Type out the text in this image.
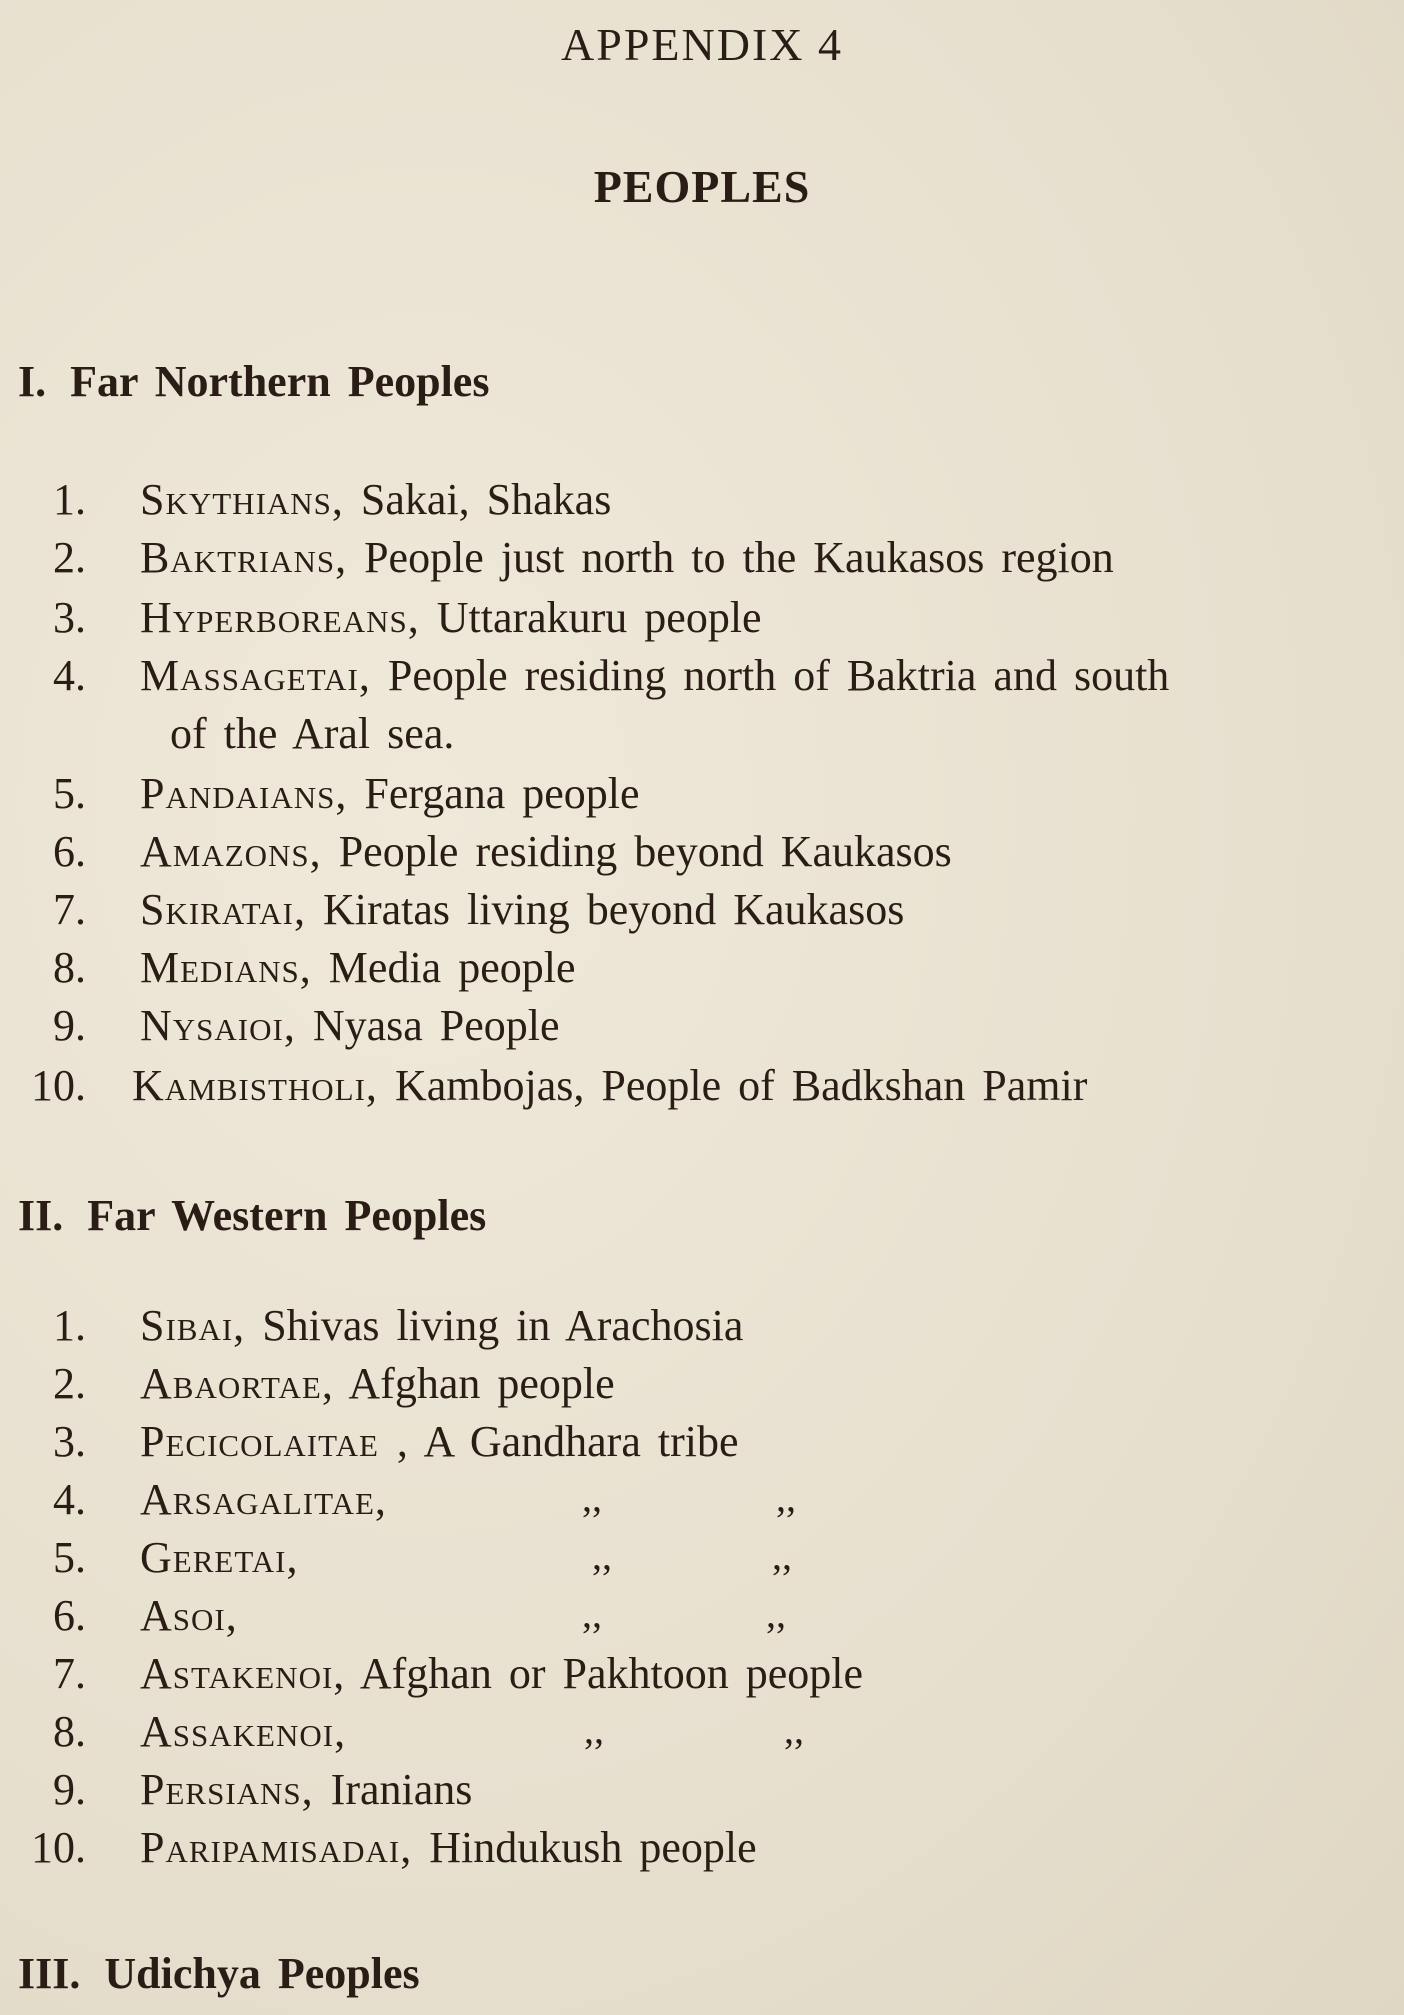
APPENDIX 4
PEOPLES
I. Far Northern Peoples
1. Skythians, Sakai, Shakas
2. Baktrians, People just north to the Kaukasos region
3. Hyperboreans, Uttarakuru people
4. Massagetai, People residing north of Baktria and south
of the Aral sea.
5. Pandaians, Fergana people
6. Amazons, People residing beyond Kaukasos
7. Skiratai, Kiratas living beyond Kaukasos
8. Medians, Media people
9. Nysaioi, Nyasa People
10. Kambistholi, Kambojas, People of Badkshan Pamir
II. Far Western Peoples
1. Sibai, Shivas living in Arachosia
2. Abaortae, Afghan people
3. Pecicolaitae , A Gandhara tribe
4. Arsagalitae,	,,	,,
5. Geretai,	,,	,,
6. Asoi,	,,	,,
7. Astakenoi, Afghan or Pakhtoon people
8. Assakenoi,	,,	,,
9. Persians, Iranians
10. Paripamisadai, Hindukush people
III. Udichya Peoples
